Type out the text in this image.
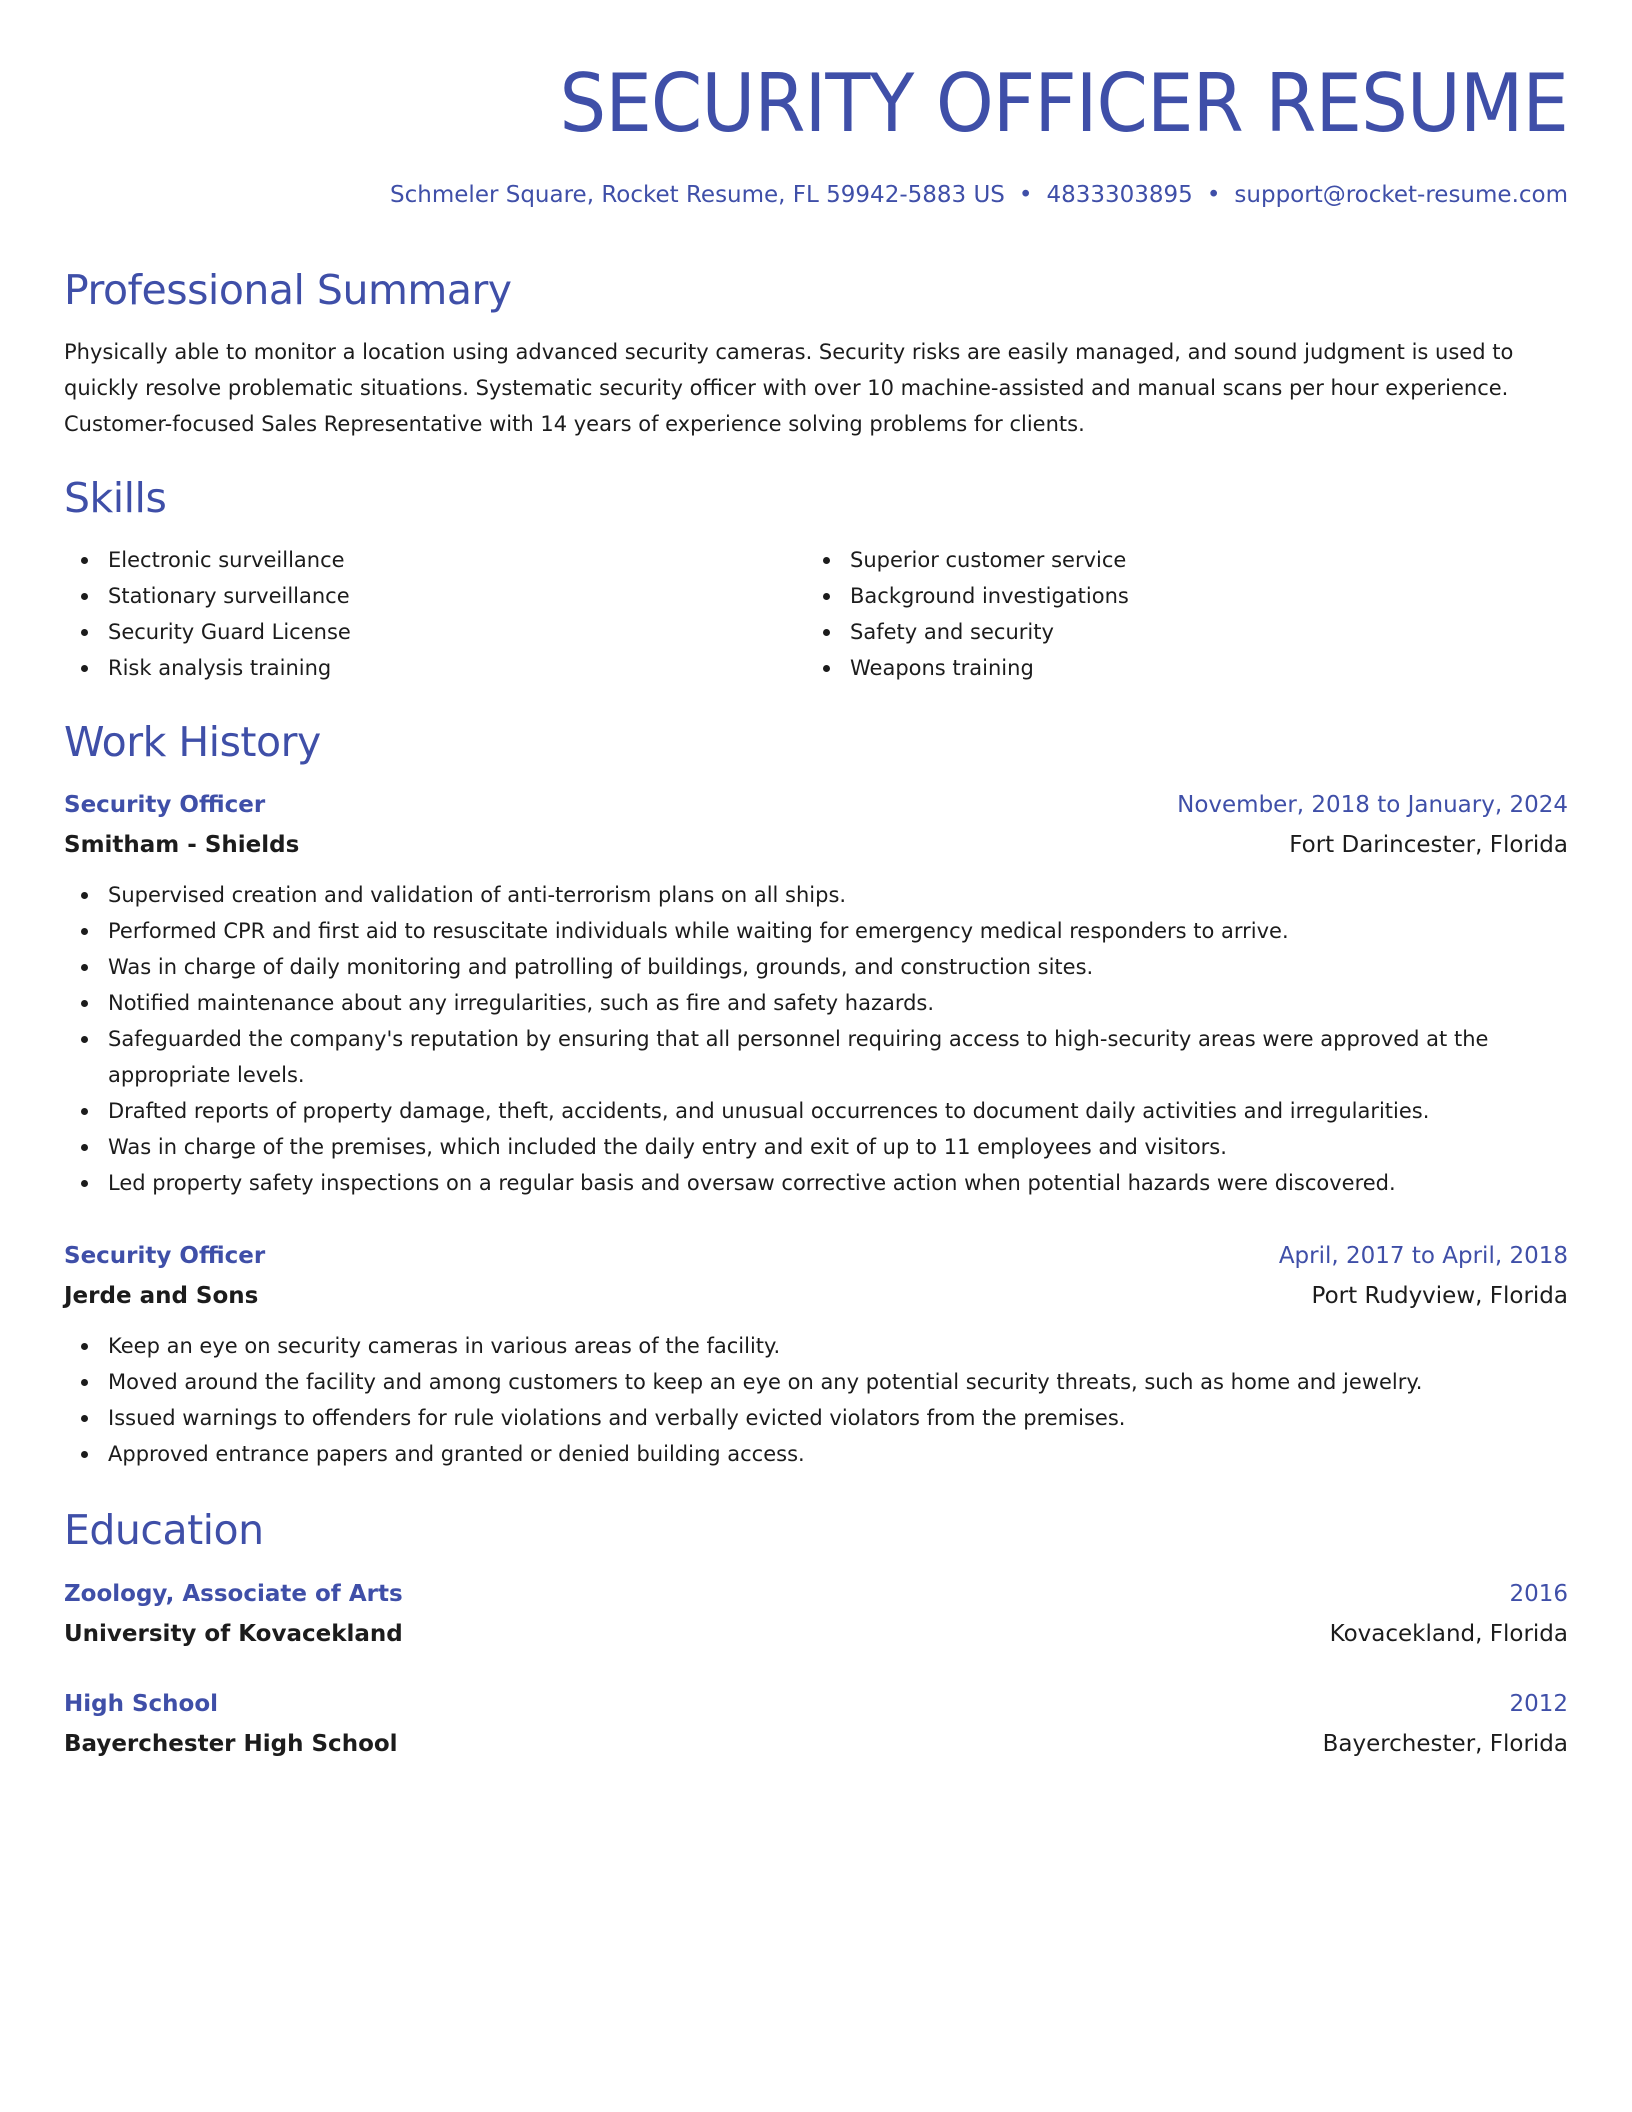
SECURITY OFFICER RESUME
Schmeler Square, Rocket Resume, FL 59942-5883 US • 4833303895 • support@rocket-resume.com
Professional Summary

Physically able to monitor a location using advanced security cameras. Security risks are easily managed, and sound judgment is used to quickly resolve problematic situations. Systematic security officer with over 10 machine-assisted and manual scans per hour experience. Customer-focused Sales Representative with 14 years of experience solving problems for clients.

Skills
Electronic surveillance
Stationary surveillance
Security Guard License
Risk analysis training
Superior customer service
Background investigations
Safety and security
Weapons training
Work History
Security Officer	November, 2018 to January, 2024
Smitham - Shields	Fort Darincester, Florida
Supervised creation and validation of anti-terrorism plans on all ships.
Performed CPR and first aid to resuscitate individuals while waiting for emergency medical responders to arrive.
Was in charge of daily monitoring and patrolling of buildings, grounds, and construction sites.
Notified maintenance about any irregularities, such as fire and safety hazards.
Safeguarded the company's reputation by ensuring that all personnel requiring access to high-security areas were approved at the appropriate levels.
Drafted reports of property damage, theft, accidents, and unusual occurrences to document daily activities and irregularities.
Was in charge of the premises, which included the daily entry and exit of up to 11 employees and visitors.
Led property safety inspections on a regular basis and oversaw corrective action when potential hazards were discovered.
Security Officer	April, 2017 to April, 2018
Jerde and Sons	Port Rudyview, Florida
Keep an eye on security cameras in various areas of the facility.
Moved around the facility and among customers to keep an eye on any potential security threats, such as home and jewelry.
Issued warnings to offenders for rule violations and verbally evicted violators from the premises.
Approved entrance papers and granted or denied building access.
Education
Zoology, Associate of Arts	2016
University of Kovacekland	Kovacekland, Florida
High School	2012
Bayerchester High School	Bayerchester, Florida
